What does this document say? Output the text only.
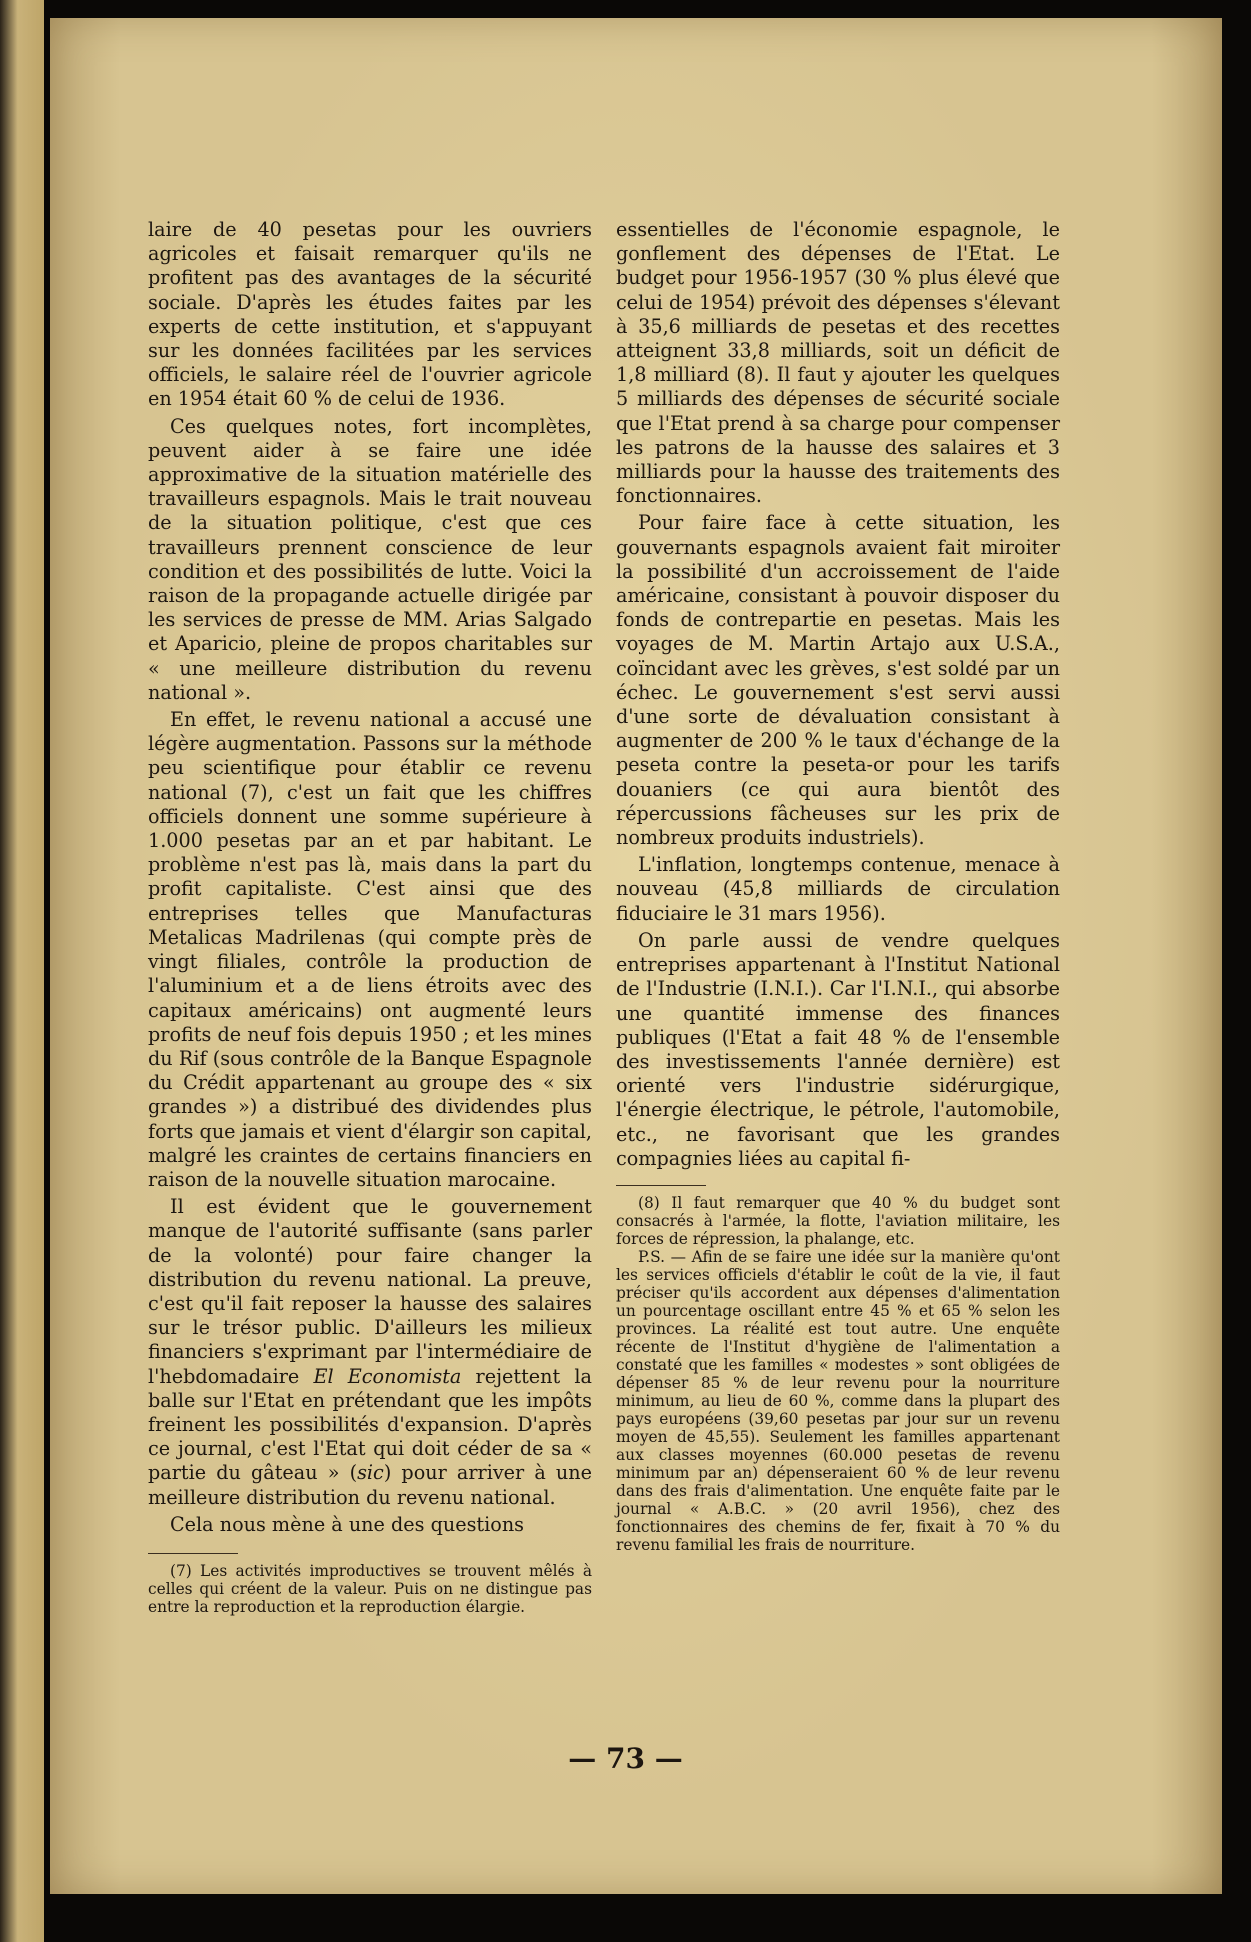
laire de 40 pesetas pour les ouvriers agricoles et faisait remarquer qu'ils ne profitent pas des avantages de la sécurité sociale. D'après les études faites par les experts de cette institution, et s'appuyant sur les données facilitées par les services officiels, le salaire réel de l'ouvrier agricole en 1954 était 60 % de celui de 1936.

Ces quelques notes, fort incomplètes, peuvent aider à se faire une idée approximative de la situation matérielle des travailleurs espagnols. Mais le trait nouveau de la situation politique, c'est que ces travailleurs prennent conscience de leur condition et des possibilités de lutte. Voici la raison de la propagande actuelle dirigée par les services de presse de MM. Arias Salgado et Aparicio, pleine de propos charitables sur « une meilleure distribution du revenu national ».

En effet, le revenu national a accusé une légère augmentation. Passons sur la méthode peu scientifique pour établir ce revenu national (7), c'est un fait que les chiffres officiels donnent une somme supérieure à 1.000 pesetas par an et par habitant. Le problème n'est pas là, mais dans la part du profit capitaliste. C'est ainsi que des entreprises telles que Manufacturas Metalicas Madrilenas (qui compte près de vingt filiales, contrôle la production de l'aluminium et a de liens étroits avec des capitaux américains) ont augmenté leurs profits de neuf fois depuis 1950 ; et les mines du Rif (sous contrôle de la Banque Espagnole du Crédit appartenant au groupe des « six grandes ») a distribué des dividendes plus forts que jamais et vient d'élargir son capital, malgré les craintes de certains financiers en raison de la nouvelle situation marocaine.

Il est évident que le gouvernement manque de l'autorité suffisante (sans parler de la volonté) pour faire changer la distribution du revenu national. La preuve, c'est qu'il fait reposer la hausse des salaires sur le trésor public. D'ailleurs les milieux financiers s'exprimant par l'intermédiaire de l'hebdomadaire El Economista rejettent la balle sur l'Etat en prétendant que les impôts freinent les possibilités d'expansion. D'après ce journal, c'est l'Etat qui doit céder de sa « partie du gâteau » (sic) pour arriver à une meilleure distribution du revenu national.

Cela nous mène à une des questions

(7) Les activités improductives se trouvent mêlés à celles qui créent de la valeur. Puis on ne distingue pas entre la reproduction et la reproduction élargie.

essentielles de l'économie espagnole, le gonflement des dépenses de l'Etat. Le budget pour 1956-1957 (30 % plus élevé que celui de 1954) prévoit des dépenses s'élevant à 35,6 milliards de pesetas et des recettes atteignent 33,8 milliards, soit un déficit de 1,8 milliard (8). Il faut y ajouter les quelques 5 milliards des dépenses de sécurité sociale que l'Etat prend à sa charge pour compenser les patrons de la hausse des salaires et 3 milliards pour la hausse des traitements des fonctionnaires.

Pour faire face à cette situation, les gouvernants espagnols avaient fait miroiter la possibilité d'un accroissement de l'aide américaine, consistant à pouvoir disposer du fonds de contrepartie en pesetas. Mais les voyages de M. Martin Artajo aux U.S.A., coïncidant avec les grèves, s'est soldé par un échec. Le gouvernement s'est servi aussi d'une sorte de dévaluation consistant à augmenter de 200 % le taux d'échange de la peseta contre la peseta-or pour les tarifs douaniers (ce qui aura bientôt des répercussions fâcheuses sur les prix de nombreux produits industriels).

L'inflation, longtemps contenue, menace à nouveau (45,8 milliards de circulation fiduciaire le 31 mars 1956).

On parle aussi de vendre quelques entreprises appartenant à l'Institut National de l'Industrie (I.N.I.). Car l'I.N.I., qui absorbe une quantité immense des finances publiques (l'Etat a fait 48 % de l'ensemble des investissements l'année dernière) est orienté vers l'industrie sidérurgique, l'énergie électrique, le pétrole, l'automobile, etc., ne favorisant que les grandes compagnies liées au capital fi-

(8) Il faut remarquer que 40 % du budget sont consacrés à l'armée, la flotte, l'aviation militaire, les forces de répression, la phalange, etc.

P.S. — Afin de se faire une idée sur la manière qu'ont les services officiels d'établir le coût de la vie, il faut préciser qu'ils accordent aux dépenses d'alimentation un pourcentage oscillant entre 45 % et 65 % selon les provinces. La réalité est tout autre. Une enquête récente de l'Institut d'hygiène de l'alimentation a constaté que les familles « modestes » sont obligées de dépenser 85 % de leur revenu pour la nourriture minimum, au lieu de 60 %, comme dans la plupart des pays européens (39,60 pesetas par jour sur un revenu moyen de 45,55). Seulement les familles appartenant aux classes moyennes (60.000 pesetas de revenu minimum par an) dépenseraient 60 % de leur revenu dans des frais d'alimentation. Une enquête faite par le journal « A.B.C. » (20 avril 1956), chez des fonctionnaires des chemins de fer, fixait à 70 % du revenu familial les frais de nourriture.

— 73 —
